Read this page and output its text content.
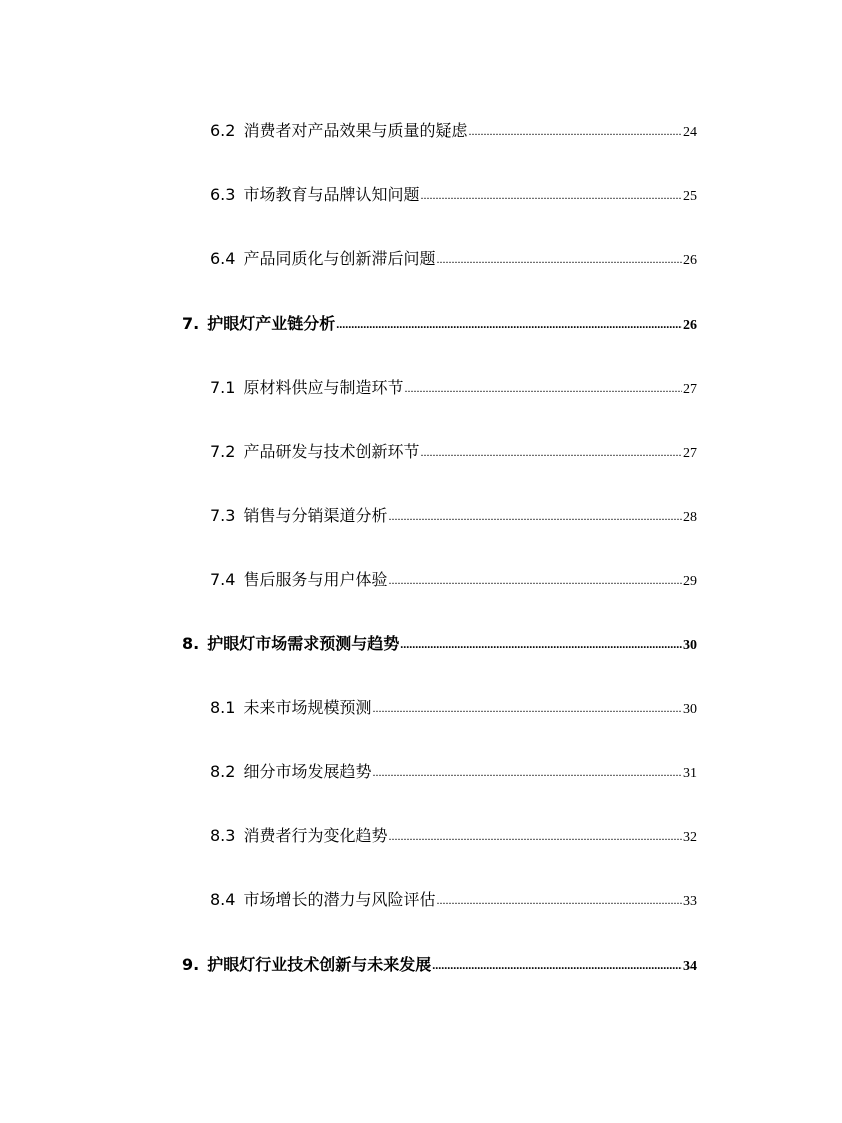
6.2 消费者对产品效果与质量的疑虑 .....	24
6.3 市场教育与品牌认知问题 .....	25
6.4 产品同质化与创新滞后问题 .....	26
7. 护眼灯产业链分析 .....	26
7.1 原材料供应与制造环节 .....	27
7.2 产品研发与技术创新环节 .....	27
7.3 销售与分销渠道分析 .....	28
7.4 售后服务与用户体验 .....	29
8. 护眼灯市场需求预测与趋势 .....	30
8.1 未来市场规模预测 .....	30
8.2 细分市场发展趋势 .....	31
8.3 消费者行为变化趋势 .....	32
8.4 市场增长的潜力与风险评估 .....	33
9. 护眼灯行业技术创新与未来发展 .....	34
